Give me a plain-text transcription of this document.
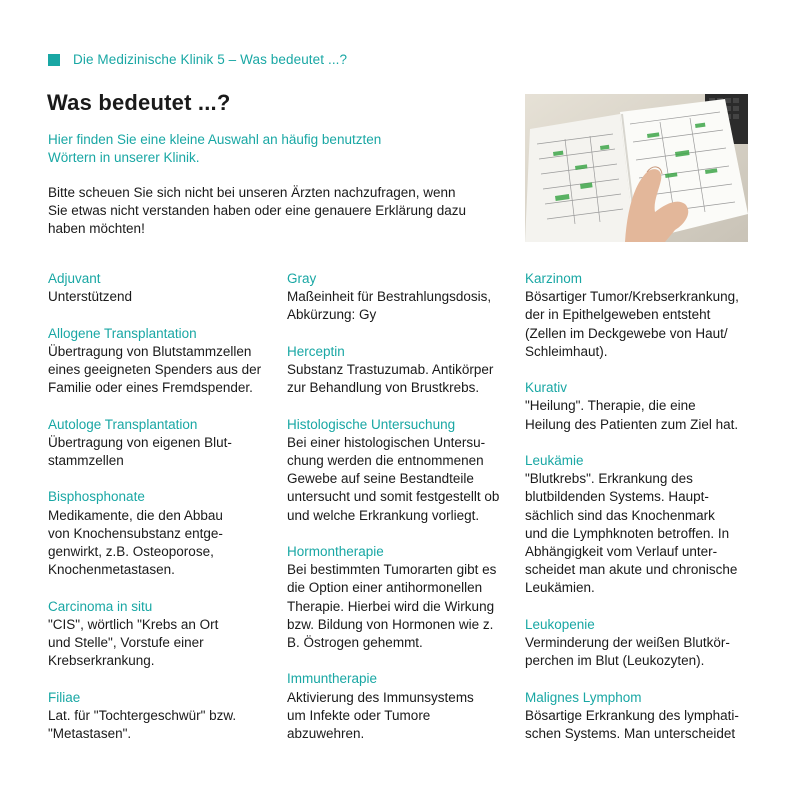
Die Medizinische Klinik 5 – Was bedeutet ...?
Was bedeutet ...?
Hier finden Sie eine kleine Auswahl an häufig benutzten
Wörtern in unserer Klinik.
Bitte scheuen Sie sich nicht bei unseren Ärzten nachzufragen, wenn
Sie etwas nicht verstanden haben oder eine genauere Erklärung dazu
haben möchten!
Adjuvant
Unterstützend
Allogene Transplantation
Übertragung von Blutstammzellen
eines geeigneten Spenders aus der
Familie oder eines Fremdspender.
Autologe Transplantation
Übertragung von eigenen Blut-
stammzellen
Bisphosphonate
Medikamente, die den Abbau
von Knochensubstanz entge-
genwirkt, z.B. Osteoporose,
Knochenmetastasen.
Carcinoma in situ
"CIS", wörtlich "Krebs an Ort
und Stelle", Vorstufe einer
Krebserkrankung.
Filiae
Lat. für "Tochtergeschwür" bzw.
"Metastasen".
Gray
Maßeinheit für Bestrahlungsdosis,
Abkürzung: Gy
Herceptin
Substanz Trastuzumab. Antikörper
zur Behandlung von Brustkrebs.
Histologische Untersuchung
Bei einer histologischen Untersu-
chung werden die entnommenen
Gewebe auf seine Bestandteile
untersucht und somit festgestellt ob
und welche Erkrankung vorliegt.
Hormontherapie
Bei bestimmten Tumorarten gibt es
die Option einer antihormonellen
Therapie. Hierbei wird die Wirkung
bzw. Bildung von Hormonen wie z.
B. Östrogen gehemmt.
Immuntherapie
Aktivierung des Immunsystems
um Infekte oder Tumore
abzuwehren.
Karzinom
Bösartiger Tumor/Krebserkrankung,
der in Epithelgeweben entsteht
(Zellen im Deckgewebe von Haut/
Schleimhaut).
Kurativ
"Heilung". Therapie, die eine
Heilung des Patienten zum Ziel hat.
Leukämie
"Blutkrebs". Erkrankung des
blutbildenden Systems. Haupt-
sächlich sind das Knochenmark
und die Lymphknoten betroffen. In
Abhängigkeit vom Verlauf unter-
scheidet man akute und chronische
Leukämien.
Leukopenie
Verminderung der weißen Blutkör-
perchen im Blut (Leukozyten).
Malignes Lymphom
Bösartige Erkrankung des lymphati-
schen Systems. Man unterscheidet
